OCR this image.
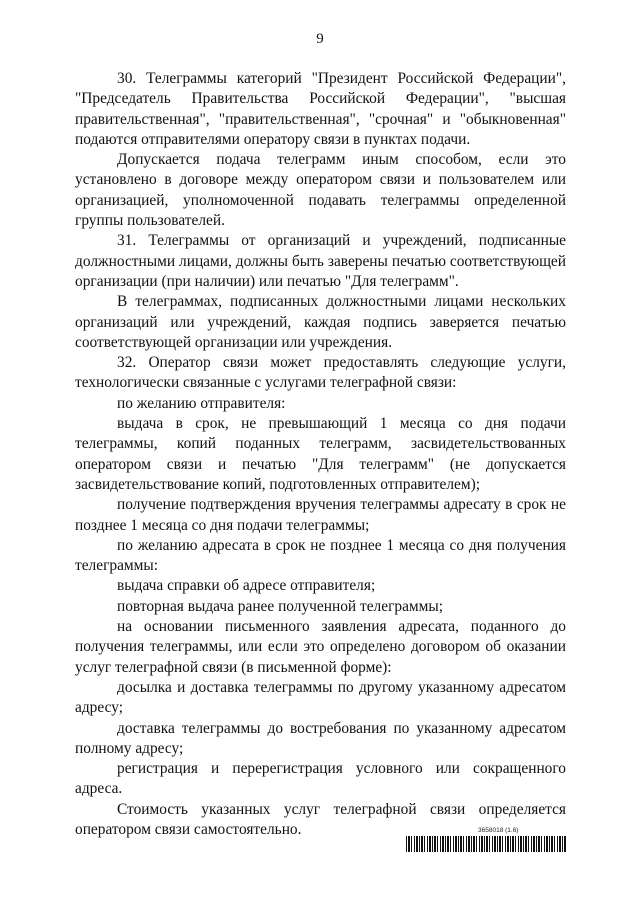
9

30. Телеграммы категорий "Президент Российской Федерации", "Председатель Правительства Российской Федерации", "высшая правительственная", "правительственная", "срочная" и "обыкновенная" подаются отправителями оператору связи в пунктах подачи.

Допускается подача телеграмм иным способом, если это установлено в договоре между оператором связи и пользователем или организацией, уполномоченной подавать телеграммы определенной группы пользователей.

31. Телеграммы от организаций и учреждений, подписанные должностными лицами, должны быть заверены печатью соответствующей организации (при наличии) или печатью "Для телеграмм".

В телеграммах, подписанных должностными лицами нескольких организаций или учреждений, каждая подпись заверяется печатью соответствующей организации или учреждения.

32. Оператор связи может предоставлять следующие услуги, технологически связанные с услугами телеграфной связи:

по желанию отправителя:

выдача в срок, не превышающий 1 месяца со дня подачи телеграммы, копий поданных телеграмм, засвидетельствованных оператором связи и печатью "Для телеграмм" (не допускается засвидетельствование копий, подготовленных отправителем);

получение подтверждения вручения телеграммы адресату в срок не позднее 1 месяца со дня подачи телеграммы;

по желанию адресата в срок не позднее 1 месяца со дня получения телеграммы:

выдача справки об адресе отправителя;

повторная выдача ранее полученной телеграммы;

на основании письменного заявления адресата, поданного до получения телеграммы, или если это определено договором об оказании услуг телеграфной связи (в письменной форме):

досылка и доставка телеграммы по другому указанному адресатом адресу;

доставка телеграммы до востребования по указанному адресатом полному адресу;

регистрация и перерегистрация условного или сокращенного адреса.

Стоимость указанных услуг телеграфной связи определяется оператором связи самостоятельно.	3658018 (1.6)
